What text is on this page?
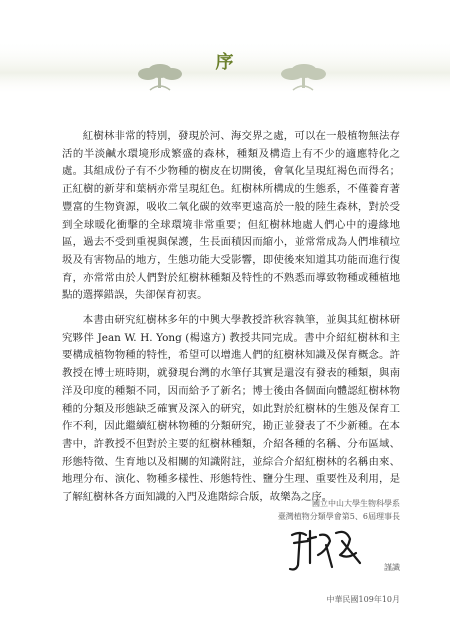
序

紅樹林非常的特別，發現於河、海交界之處，可以在一般植物無法存活的半淡鹹水環境形成繁盛的森林，種類及構造上有不少的適應特化之處。其組成份子有不少物種的樹皮在切開後，會氧化呈現紅褐色而得名；正紅樹的新芽和葉柄亦常呈現紅色。紅樹林所構成的生態系，不僅養育著豐富的生物資源，吸收二氧化碳的效率更遠高於一般的陸生森林，對於受到全球暖化衝擊的全球環境非常重要；但紅樹林地處人們心中的邊緣地區，過去不受到重視與保護，生長面積因而縮小，並常常成為人們堆積垃圾及有害物品的地方，生態功能大受影響，即使後來知道其功能而進行復育，亦常常由於人們對於紅樹林種類及特性的不熟悉而導致物種或種植地點的選擇錯誤，失卻保育初衷。

本書由研究紅樹林多年的中興大學教授許秋容執筆，並與其紅樹林研究夥伴 Jean W. H. Yong (楊遠方) 教授共同完成。書中介紹紅樹林和主要構成植物物種的特性，希望可以增進人們的紅樹林知識及保育概念。許教授在博士班時期，就發現台灣的水筆仔其實是還沒有發表的種類，與南洋及印度的種類不同，因而給予了新名；博士後由各個面向體認紅樹林物種的分類及形態缺乏確實及深入的研究，如此對於紅樹林的生態及保育工作不利，因此繼續紅樹林物種的分類研究，勘正並發表了不少新種。在本書中，許教授不但對於主要的紅樹林種類，介紹各種的名稱、分布區域、形態特徵、生育地以及相關的知識附註，並綜合介紹紅樹林的名稱由來、地理分布、演化、物種多樣性、形態特性、鹽分生理、重要性及利用，是了解紅樹林各方面知識的入門及進階綜合版，故樂為之序。

國立中山大學生物科學系
臺灣植物分類學會第5、6屆理事長
謹識
中華民國109年10月
